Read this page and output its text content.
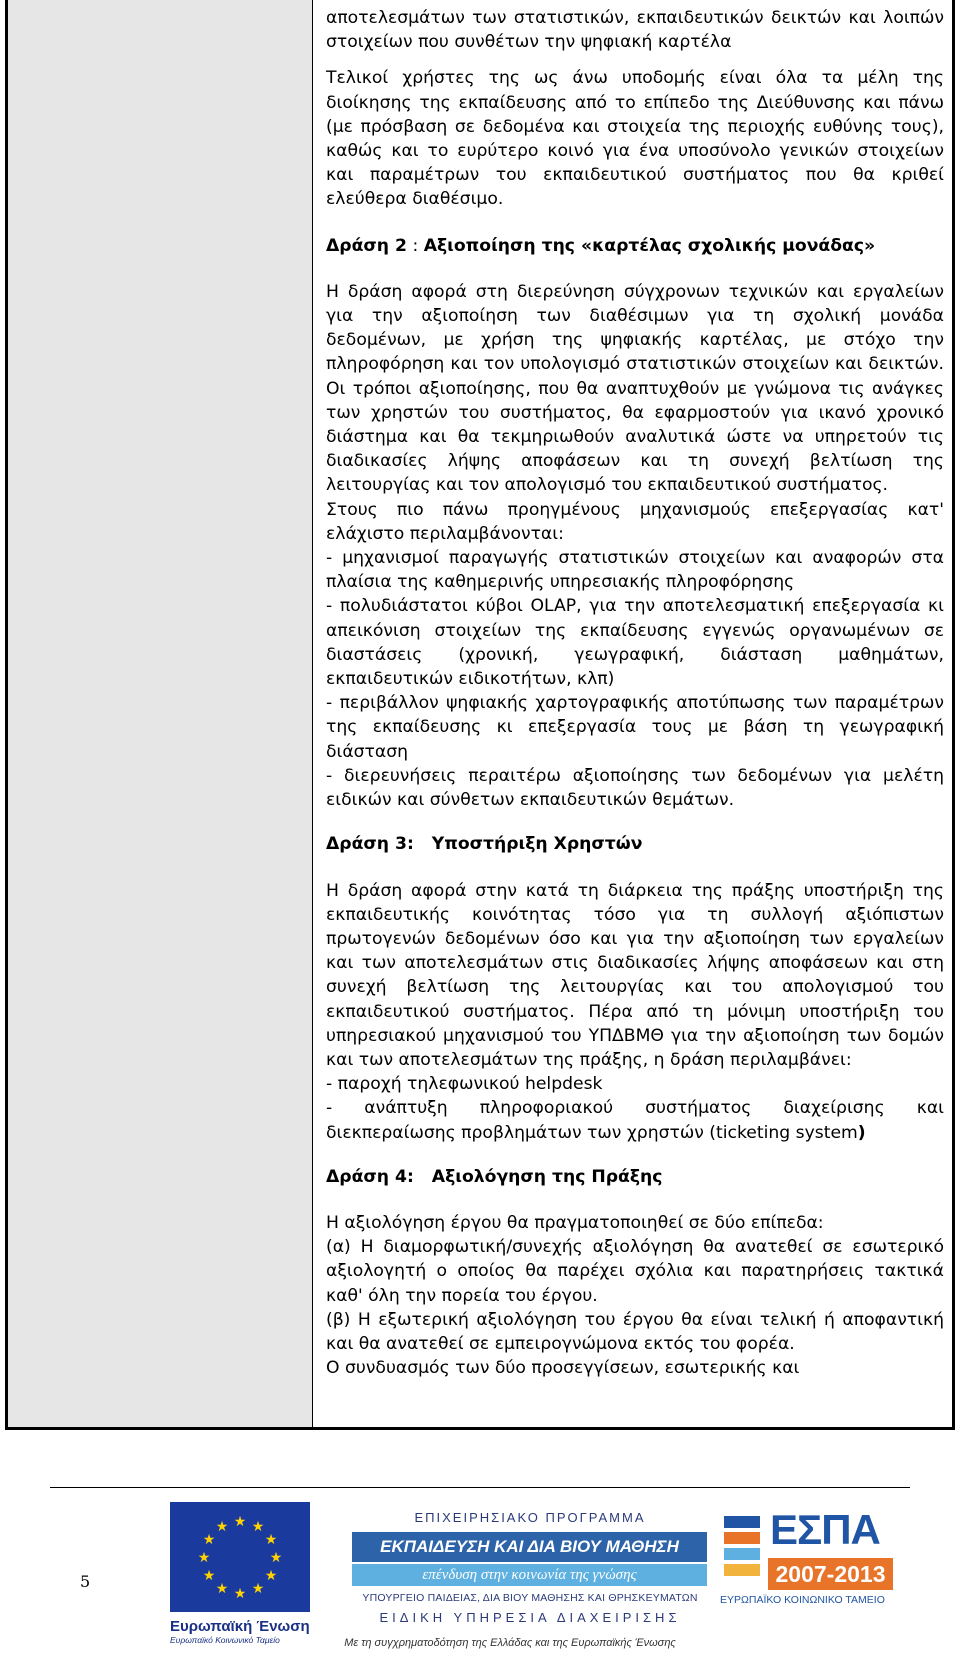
αποτελεσμάτων των στατιστικών, εκπαιδευτικών δεικτών και λοιπών στοιχείων που συνθέτων την ψηφιακή καρτέλα

Τελικοί χρήστες της ως άνω υποδομής είναι όλα τα μέλη της διοίκησης της εκπαίδευσης από το επίπεδο της Διεύθυνσης και πάνω (με πρόσβαση σε δεδομένα και στοιχεία της περιοχής ευθύνης τους), καθώς και το ευρύτερο κοινό για ένα υποσύνολο γενικών στοιχείων και παραμέτρων του εκπαιδευτικού συστήματος που θα κριθεί ελεύθερα διαθέσιμο.

Δράση 2 : Αξιοποίηση της «καρτέλας σχολικής μονάδας»

Η δράση αφορά στη διερεύνηση σύγχρονων τεχνικών και εργαλείων για την αξιοποίηση των διαθέσιμων για τη σχολική μονάδα δεδομένων, με χρήση της ψηφιακής καρτέλας, με στόχο την πληροφόρηση και τον υπολογισμό στατιστικών στοιχείων και δεικτών. Οι τρόποι αξιοποίησης, που θα αναπτυχθούν με γνώμονα τις ανάγκες των χρηστών του συστήματος, θα εφαρμοστούν για ικανό χρονικό διάστημα και θα τεκμηριωθούν αναλυτικά ώστε να υπηρετούν τις διαδικασίες λήψης αποφάσεων και τη συνεχή βελτίωση της λειτουργίας και τον απολογισμό του εκπαιδευτικού συστήματος.

Στους πιο πάνω προηγμένους μηχανισμούς επεξεργασίας κατ' ελάχιστο περιλαμβάνονται:

- μηχανισμοί παραγωγής στατιστικών στοιχείων και αναφορών στα πλαίσια της καθημερινής υπηρεσιακής πληροφόρησης

- πολυδιάστατοι κύβοι OLAP, για την αποτελεσματική επεξεργασία κι απεικόνιση στοιχείων της εκπαίδευσης εγγενώς οργανωμένων σε διαστάσεις (χρονική, γεωγραφική, διάσταση μαθημάτων, εκπαιδευτικών ειδικοτήτων, κλπ)

- περιβάλλον ψηφιακής χαρτογραφικής αποτύπωσης των παραμέτρων της εκπαίδευσης κι επεξεργασία τους με βάση τη γεωγραφική διάσταση

- διερευνήσεις περαιτέρω αξιοποίησης των δεδομένων για μελέτη ειδικών και σύνθετων εκπαιδευτικών θεμάτων.

Δράση 3:   Υποστήριξη Χρηστών

Η δράση αφορά στην κατά τη διάρκεια της πράξης υποστήριξη της εκπαιδευτικής κοινότητας τόσο για τη συλλογή αξιόπιστων πρωτογενών δεδομένων όσο και για την αξιοποίηση των εργαλείων και των αποτελεσμάτων στις διαδικασίες λήψης αποφάσεων και στη συνεχή βελτίωση της λειτουργίας και του απολογισμού του εκπαιδευτικού συστήματος. Πέρα από τη μόνιμη υποστήριξη του υπηρεσιακού μηχανισμού του ΥΠΔΒΜΘ για την αξιοποίηση των δομών και των αποτελεσμάτων της πράξης, η δράση περιλαμβάνει:

- παροχή τηλεφωνικού helpdesk

- ανάπτυξη πληροφοριακού συστήματος διαχείρισης και διεκπεραίωσης προβλημάτων των χρηστών (ticketing system)

Δράση 4:   Αξιολόγηση της Πράξης

Η αξιολόγηση έργου θα πραγματοποιηθεί σε δύο επίπεδα:

(α) Η διαμορφωτική/συνεχής αξιολόγηση θα ανατεθεί σε εσωτερικό αξιολογητή ο οποίος θα παρέχει σχόλια και παρατηρήσεις τακτικά καθ' όλη την πορεία του έργου.

(β) Η εξωτερική αξιολόγηση του έργου θα είναι τελική ή αποφαντική και θα ανατεθεί σε εμπειρογνώμονα εκτός του φορέα.

Ο συνδυασμός των δύο προσεγγίσεων, εσωτερικής και

5
★ ★
★
★
★
★
★
★
★
★
★
★
Ευρωπαϊκή Ένωση
Ευρωπαϊκό Κοινωνικό Ταμείο
ΕΠΙΧΕΙΡΗΣΙΑΚΟ ΠΡΟΓΡΑΜΜΑ
ΕΚΠΑΙΔΕΥΣΗ ΚΑΙ ΔΙΑ ΒΙΟΥ ΜΑΘΗΣΗ
επένδυση στην κοινωνία της γνώσης
ΥΠΟΥΡΓΕΙΟ ΠΑΙΔΕΙΑΣ, ΔΙΑ ΒΙΟΥ ΜΑΘΗΣΗΣ ΚΑΙ ΘΡΗΣΚΕΥΜΑΤΩΝ
ΕΙΔΙΚΗ ΥΠΗΡΕΣΙΑ ΔΙΑΧΕΙΡΙΣΗΣ
Με τη συγχρηματοδότηση της Ελλάδας και της Ευρωπαϊκής Ένωσης
ΕΣΠΑ
2007-2013
ΕΥΡΩΠΑΪΚΟ ΚΟΙΝΩΝΙΚΟ ΤΑΜΕΙΟ
